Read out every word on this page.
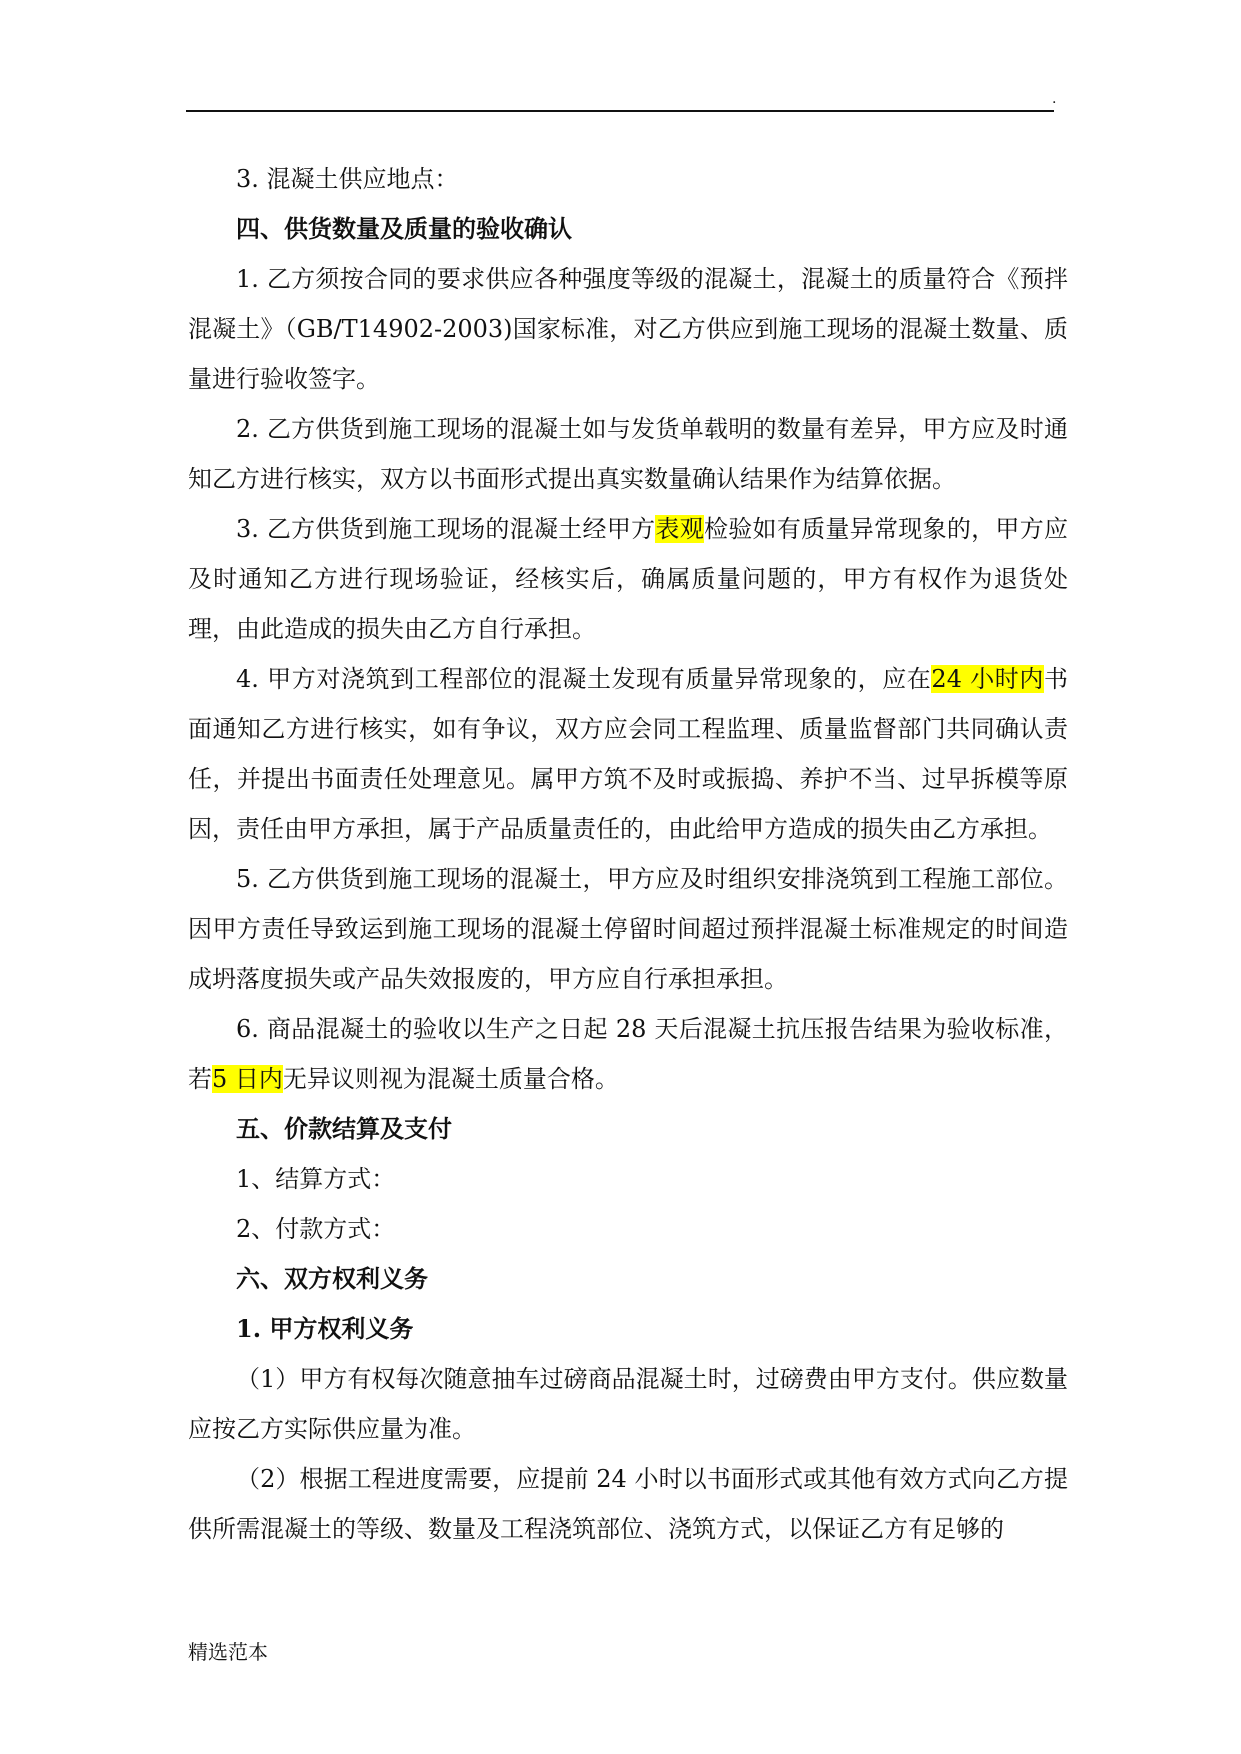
.

3. 混凝土供应地点：

四、供货数量及质量的验收确认

1. 乙方须按合同的要求供应各种强度等级的混凝土，混凝土的质量符合《预拌混凝土》（GB/T14902-2003)国家标准，对乙方供应到施工现场的混凝土数量、质量进行验收签字。

2. 乙方供货到施工现场的混凝土如与发货单载明的数量有差异，甲方应及时通知乙方进行核实，双方以书面形式提出真实数量确认结果作为结算依据。

3. 乙方供货到施工现场的混凝土经甲方表观检验如有质量异常现象的，甲方应及时通知乙方进行现场验证，经核实后，确属质量问题的，甲方有权作为退货处理，由此造成的损失由乙方自行承担。

4. 甲方对浇筑到工程部位的混凝土发现有质量异常现象的，应在24 小时内书面通知乙方进行核实，如有争议，双方应会同工程监理、质量监督部门共同确认责任，并提出书面责任处理意见。属甲方筑不及时或振捣、养护不当、过早拆模等原因，责任由甲方承担，属于产品质量责任的，由此给甲方造成的损失由乙方承担。

5. 乙方供货到施工现场的混凝土，甲方应及时组织安排浇筑到工程施工部位。因甲方责任导致运到施工现场的混凝土停留时间超过预拌混凝土标准规定的时间造成坍落度损失或产品失效报废的，甲方应自行承担承担。

6. 商品混凝土的验收以生产之日起 28 天后混凝土抗压报告结果为验收标准，若5 日内无异议则视为混凝土质量合格。

五、价款结算及支付

1、结算方式：

2、付款方式：

六、双方权利义务

1. 甲方权利义务

（1）甲方有权每次随意抽车过磅商品混凝土时，过磅费由甲方支付。供应数量应按乙方实际供应量为准。

（2）根据工程进度需要，应提前 24 小时以书面形式或其他有效方式向乙方提供所需混凝土的等级、数量及工程浇筑部位、浇筑方式，以保证乙方有足够的

精选范本
